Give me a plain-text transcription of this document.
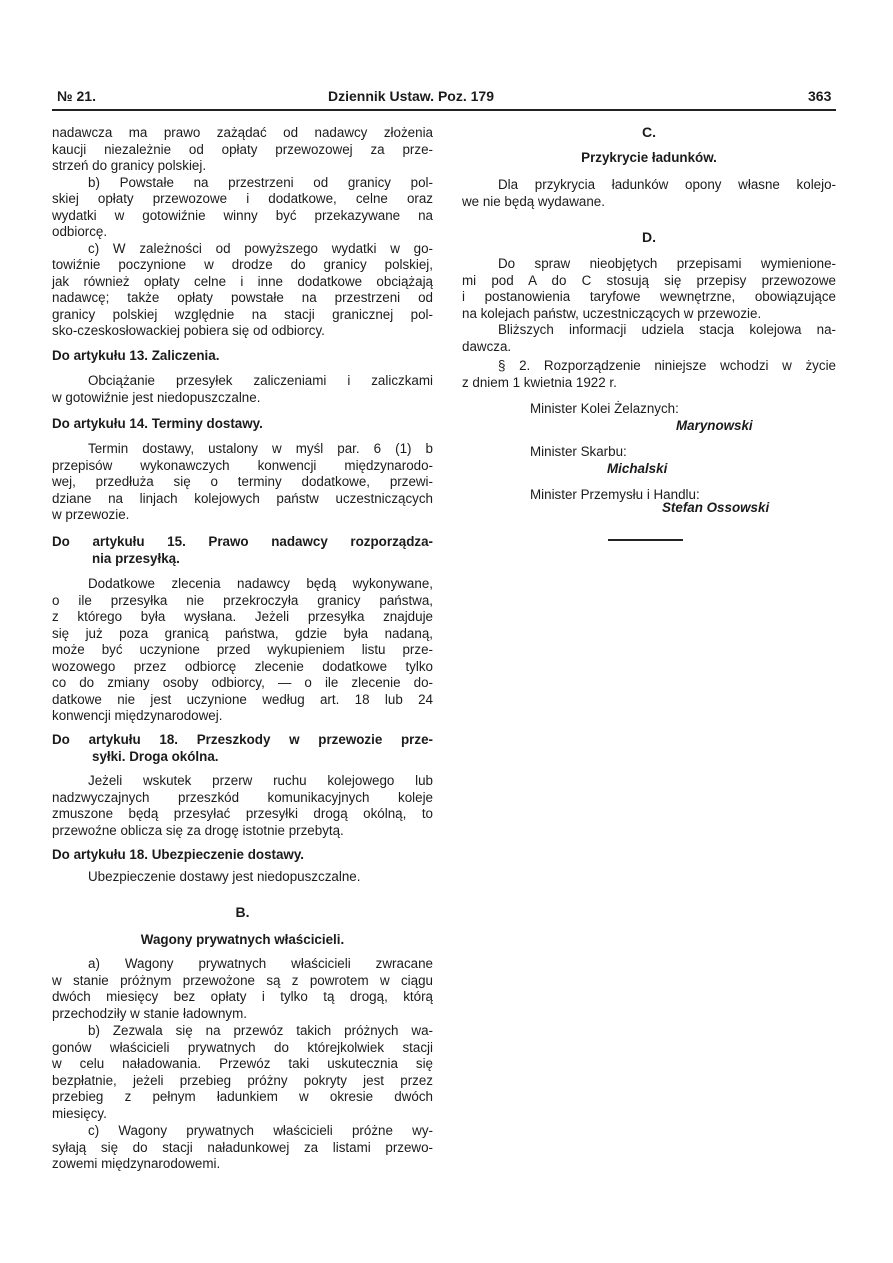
№ 21.	Dziennik Ustaw. Poz. 179	363
nadawcza ma prawo zażądać od nadawcy złożenia
kaucji niezależnie od opłaty przewozowej za prze-
strzeń do granicy polskiej.
b) Powstałe na przestrzeni od granicy pol-
skiej opłaty przewozowe i dodatkowe, celne oraz
wydatki w gotowiźnie winny być przekazywane na
odbiorcę.
c) W zależności od powyższego wydatki w go-
towiźnie poczynione w drodze do granicy polskiej,
jak również opłaty celne i inne dodatkowe obciążają
nadawcę; także opłaty powstałe na przestrzeni od
granicy polskiej względnie na stacji granicznej pol-
sko-czeskosłowackiej pobiera się od odbiorcy.
Do artykułu 13. Zaliczenia.
Obciążanie przesyłek zaliczeniami i zaliczkami
w gotowiźnie jest niedopuszczalne.
Do artykułu 14. Terminy dostawy.
Termin dostawy, ustalony w myśl par. 6 (1) b
przepisów wykonawczych konwencji międzynarodo-
wej, przedłuża się o terminy dodatkowe, przewi-
dziane na linjach kolejowych państw uczestniczących
w przewozie.
Do artykułu 15. Prawo nadawcy rozporządza-
nia przesyłką.
Dodatkowe zlecenia nadawcy będą wykonywane,
o ile przesyłka nie przekroczyła granicy państwa,
z którego była wysłana. Jeżeli przesyłka znajduje
się już poza granicą państwa, gdzie była nadaną,
może być uczynione przed wykupieniem listu prze-
wozowego przez odbiorcę zlecenie dodatkowe tylko
co do zmiany osoby odbiorcy, — o ile zlecenie do-
datkowe nie jest uczynione według art. 18 lub 24
konwencji międzynarodowej.
Do artykułu 18. Przeszkody w przewozie prze-
syłki. Droga okólna.
Jeżeli wskutek przerw ruchu kolejowego lub
nadzwyczajnych przeszkód komunikacyjnych koleje
zmuszone będą przesyłać przesyłki drogą okólną, to
przewoźne oblicza się za drogę istotnie przebytą.
Do artykułu 18. Ubezpieczenie dostawy.
Ubezpieczenie dostawy jest niedopuszczalne.
B.
Wagony prywatnych właścicieli.
a) Wagony prywatnych właścicieli zwracane
w stanie próżnym przewożone są z powrotem w ciągu
dwóch miesięcy bez opłaty i tylko tą drogą, którą
przechodziły w stanie ładownym.
b) Zezwala się na przewóz takich próżnych wa-
gonów właścicieli prywatnych do którejkolwiek stacji
w celu naładowania. Przewóz taki uskutecznia się
bezpłatnie, jeżeli przebieg próżny pokryty jest przez
przebieg z pełnym ładunkiem w okresie dwóch
miesięcy.
c) Wagony prywatnych właścicieli próżne wy-
syłają się do stacji naładunkowej za listami przewo-
zowemi międzynarodowemi.
C.
Przykrycie ładunków.
Dla przykrycia ładunków opony własne kolejo-
we nie będą wydawane.
D.
Do spraw nieobjętych przepisami wymienione-
mi pod A do C stosują się przepisy przewozowe
i postanowienia taryfowe wewnętrzne, obowiązujące
na kolejach państw, uczestniczących w przewozie.
Bliższych informacji udziela stacja kolejowa na-
dawcza.
§ 2. Rozporządzenie niniejsze wchodzi w życie
z dniem 1 kwietnia 1922 r.
Minister Kolei Żelaznych:
Marynowski
Minister Skarbu:
Michalski
Minister Przemysłu i Handlu:
Stefan Ossowski
